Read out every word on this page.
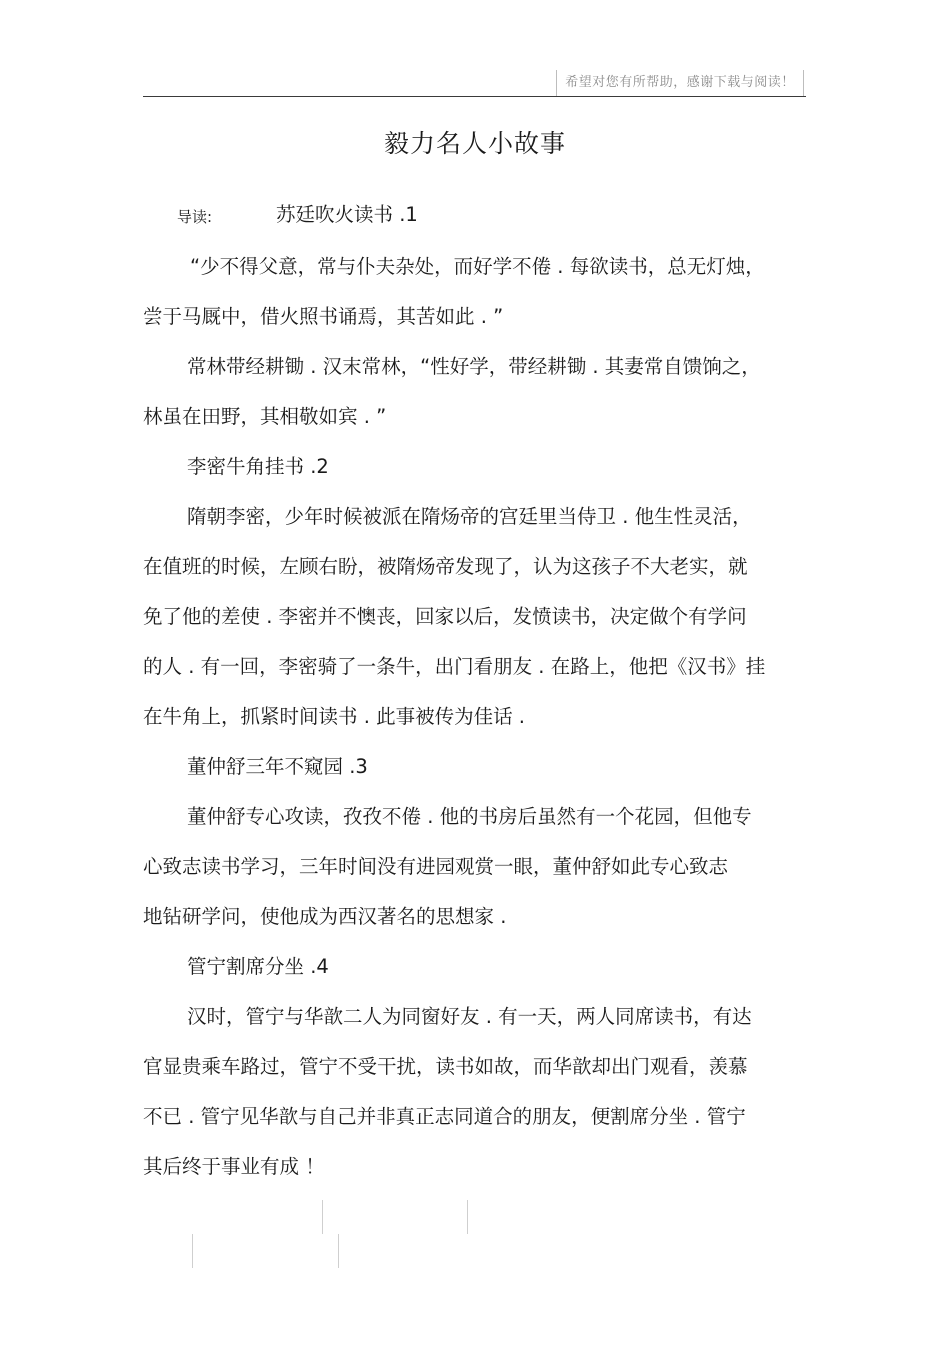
希望对您有所帮助，感谢下载与阅读！
毅力名人小故事
导读:	苏廷吹火读书 .1
“少不得父意，常与仆夫杂处，而好学不倦 . 每欲读书，总无灯烛，
尝于马厩中，借火照书诵焉，其苦如此 . ”
常林带经耕锄 . 汉末常林，“性好学，带经耕锄 . 其妻常自馈饷之，
林虽在田野，其相敬如宾 . ”
李密牛角挂书 .2
隋朝李密，少年时候被派在隋炀帝的宫廷里当侍卫 . 他生性灵活，
在值班的时候，左顾右盼，被隋炀帝发现了，认为这孩子不大老实，就
免了他的差使 . 李密并不懊丧，回家以后，发愤读书，决定做个有学问
的人 . 有一回，李密骑了一条牛，出门看朋友 . 在路上，他把《汉书》挂
在牛角上，抓紧时间读书 . 此事被传为佳话 .
董仲舒三年不窥园 .3
董仲舒专心攻读，孜孜不倦 . 他的书房后虽然有一个花园，但他专
心致志读书学习，三年时间没有进园观赏一眼，董仲舒如此专心致志
地钻研学问，使他成为西汉著名的思想家 .
管宁割席分坐 .4
汉时，管宁与华歆二人为同窗好友 . 有一天，两人同席读书，有达
官显贵乘车路过，管宁不受干扰，读书如故，而华歆却出门观看，羡慕
不已 . 管宁见华歆与自己并非真正志同道合的朋友，便割席分坐 . 管宁
其后终于事业有成 ！
